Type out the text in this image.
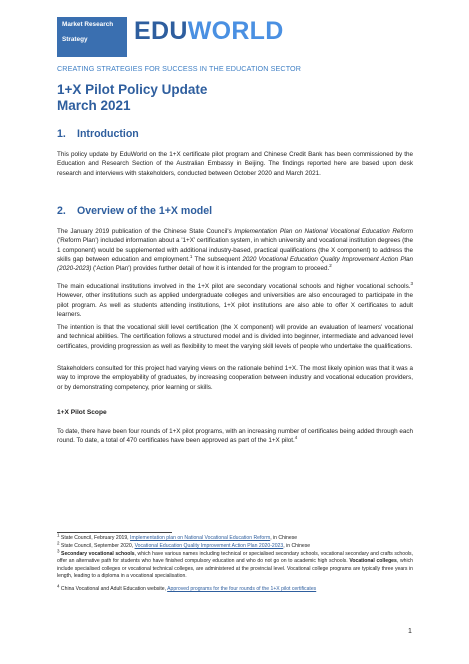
Market Research
Strategy	EDUWORLD
CREATING STRATEGIES FOR SUCCESS IN THE EDUCATION SECTOR
1+X Pilot Policy Update
March 2021
1. Introduction
This policy update by EduWorld on the 1+X certificate pilot program and Chinese Credit Bank has been commissioned by the Education and Research Section of the Australian Embassy in Beijing. The findings reported here are based upon desk research and interviews with stakeholders, conducted between October 2020 and March 2021.
2. Overview of the 1+X model
The January 2019 publication of the Chinese State Council's Implementation Plan on National Vocational Education Reform ('Reform Plan') included information about a '1+X' certification system, in which university and vocational institution degrees (the 1 component) would be supplemented with additional industry-based, practical qualifications (the X component) to address the skills gap between education and employment.$^1$ The subsequent 2020 Vocational Education Quality Improvement Action Plan (2020-2023) ('Action Plan') provides further detail of how it is intended for the program to proceed.$^2$
The main educational institutions involved in the 1+X pilot are secondary vocational schools and higher vocational schools.$^3$ However, other institutions such as applied undergraduate colleges and universities are also encouraged to participate in the pilot program. As well as students attending institutions, 1+X pilot institutions are also able to offer X certificates to adult learners.
The intention is that the vocational skill level certification (the X component) will provide an evaluation of learners' vocational and technical abilities. The certification follows a structured model and is divided into beginner, intermediate and advanced level certificates, providing progression as well as flexibility to meet the varying skill levels of people who undertake the qualifications.
Stakeholders consulted for this project had varying views on the rationale behind 1+X. The most likely opinion was that it was a way to improve the employability of graduates, by increasing cooperation between industry and vocational education providers, or by demonstrating competency, prior learning or skills.
1+X Pilot Scope
To date, there have been four rounds of 1+X pilot programs, with an increasing number of certificates being added through each round. To date, a total of 470 certificates have been approved as part of the 1+X pilot.$^4$
$^1$ State Council, February 2019, Implementation plan on National Vocational Education Reform, in Chinese
$^2$ State Council, September 2020, Vocational Education Quality Improvement Action Plan 2020-2023, in Chinese
$^3$ Secondary vocational schools, which have various names including technical or specialised secondary schools, vocational secondary and crafts schools, offer an alternative path for students who have finished compulsory education and who do not go on to academic high schools. Vocational colleges, which include specialised colleges or vocational technical colleges, are administered at the provincial level. Vocational college programs are typically three years in length, leading to a diploma in a vocational specialisation.
$^4$ China Vocational and Adult Education website, Approved programs for the four rounds of the 1+X pilot certificates
1
